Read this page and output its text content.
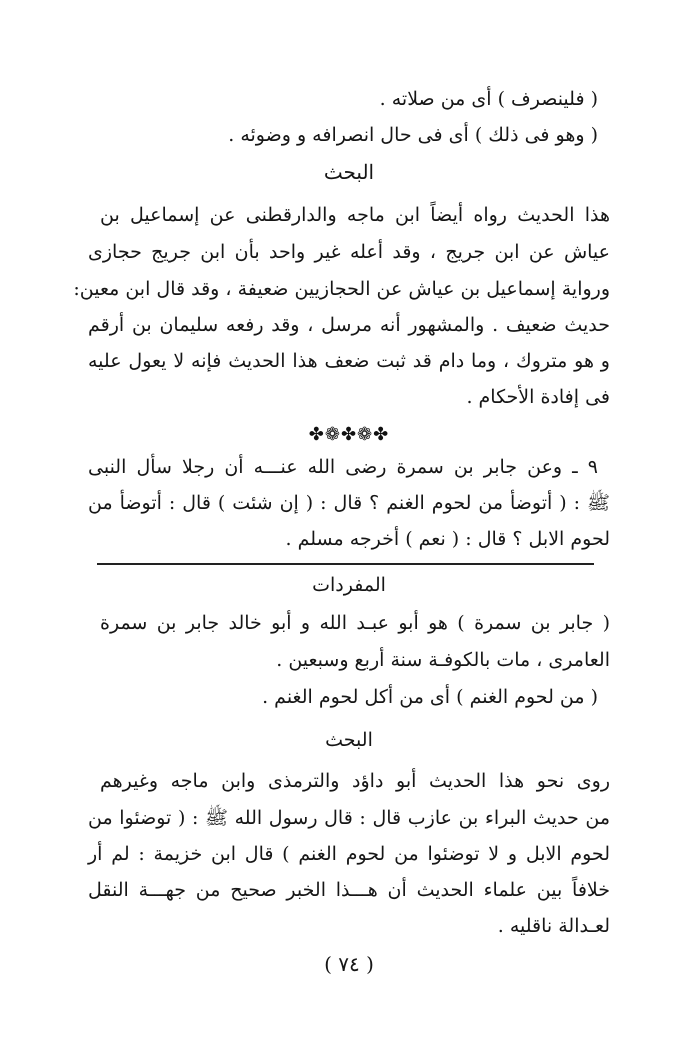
( فلينصرف ) أى من صلاته .
( وهو فى ذلك ) أى فى حال انصرافه و وضوئه .
البحث
هذا الحديث رواه أيضاً ابن ماجه والدارقطنى عن إسماعيل بن
عياش عن ابن جريج ، وقد أعله غير واحد بأن ابن جريج حجازى
ورواية إسماعيل بن عياش عن الحجازيين ضعيفة ، وقد قال ابن معين:
حديث ضعيف . والمشهور أنه مرسل ، وقد رفعه سليمان بن أرقم
و هو متروك ، وما دام قد ثبت ضعف هذا الحديث فإنه لا يعول عليه
فى إفادة الأحكام .
✤❁✤❁✤
٩ ـ وعن جابر بن سمرة رضى الله عنـــه أن رجلا سأل النبى
ﷺ : ( أتوضأ من لحوم الغنم ؟ قال : ( إن شئت ) قال : أتوضأ من
لحوم الابل ؟ قال : ( نعم ) أخرجه مسلم .
المفردات
( جابر بن سمرة ) هو أبو عبـد الله و أبو خالد جابر بن سمرة
العامرى ، مات بالكوفـة سنة أربع وسبعين .
( من لحوم الغنم ) أى من أكل لحوم الغنم .
البحث
روى نحو هذا الحديث أبو داؤد والترمذى وابن ماجه وغيرهم
من حديث البراء بن عازب قال : قال رسول الله ﷺ : ( توضئوا من
لحوم الابل و لا توضئوا من لحوم الغنم ) قال ابن خزيمة : لم أر
خلافاً بين علماء الحديث أن هـــذا الخبر صحيح من جهـــة النقل
لعـدالة ناقليه .
( ٧٤ )
